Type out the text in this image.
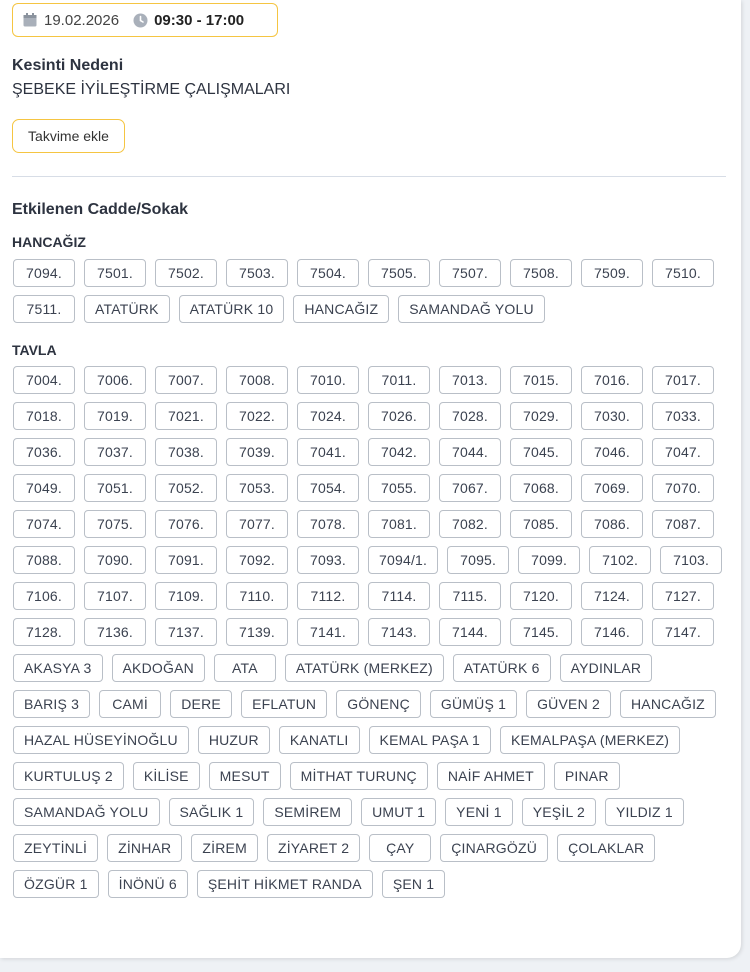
19.02.2026 09:30 - 17:00
Kesinti Nedeni
ŞEBEKE İYİLEŞTİRME ÇALIŞMALARI
Takvime ekle
Etkilenen Cadde/Sokak
HANCAĞIZ
7094.	7501.	7502.	7503.	7504.	7505.	7507.	7508.	7509.	7510.
7511.	ATATÜRK	ATATÜRK 10	HANCAĞIZ	SAMANDAĞ YOLU
TAVLA
7004.	7006.	7007.	7008.	7010.	7011.	7013.	7015.	7016.	7017.
7018.	7019.	7021.	7022.	7024.	7026.	7028.	7029.	7030.	7033.
7036.	7037.	7038.	7039.	7041.	7042.	7044.	7045.	7046.	7047.
7049.	7051.	7052.	7053.	7054.	7055.	7067.	7068.	7069.	7070.
7074.	7075.	7076.	7077.	7078.	7081.	7082.	7085.	7086.	7087.
7088.	7090.	7091.	7092.	7093.	7094/1.	7095.	7099.	7102.	7103.
7106.	7107.	7109.	7110.	7112.	7114.	7115.	7120.	7124.	7127.
7128.	7136.	7137.	7139.	7141.	7143.	7144.	7145.	7146.	7147.
AKASYA 3	AKDOĞAN	ATA	ATATÜRK (MERKEZ)	ATATÜRK 6	AYDINLAR
BARIŞ 3	CAMİ	DERE	EFLATUN	GÖNENÇ	GÜMÜŞ 1	GÜVEN 2	HANCAĞIZ
HAZAL HÜSEYİNOĞLU	HUZUR	KANATLI	KEMAL PAŞA 1	KEMALPAŞA (MERKEZ)
KURTULUŞ 2	KİLİSE	MESUT	MİTHAT TURUNÇ	NAİF AHMET	PINAR
SAMANDAĞ YOLU	SAĞLIK 1	SEMİREM	UMUT 1	YENİ 1	YEŞİL 2	YILDIZ 1
ZEYTİNLİ	ZİNHAR	ZİREM	ZİYARET 2	ÇAY	ÇINARGÖZÜ	ÇOLAKLAR
ÖZGÜR 1	İNÖNÜ 6	ŞEHİT HİKMET RANDA	ŞEN 1
